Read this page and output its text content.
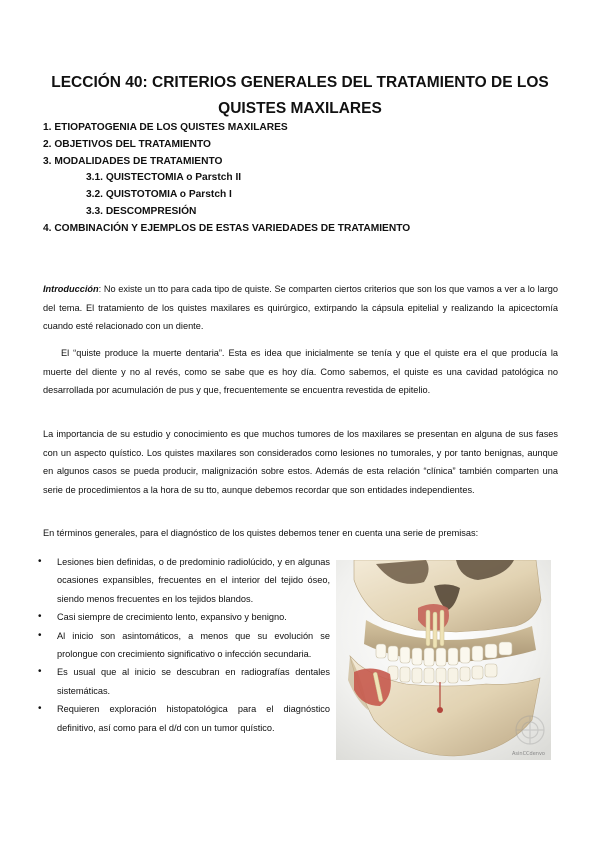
LECCIÓN 40: CRITERIOS GENERALES DEL TRATAMIENTO DE LOS
QUISTES MAXILARES
1. ETIOPATOGENIA DE LOS QUISTES MAXILARES
2. OBJETIVOS DEL TRATAMIENTO
3. MODALIDADES DE TRATAMIENTO
3.1. QUISTECTOMIA o Parstch II
3.2. QUISTOTOMIA o Parstch I
3.3. DESCOMPRESIÓN
4. COMBINACIÓN Y EJEMPLOS DE ESTAS VARIEDADES DE TRATAMIENTO

Introducción: No existe un tto para cada tipo de quiste. Se comparten ciertos criterios que son los que vamos a ver a lo largo del tema. El tratamiento de los quistes maxilares es quirúrgico, extirpando la cápsula epitelial y realizando la apicectomía cuando esté relacionado con un diente.

El “quiste produce la muerte dentaria”. Esta es idea que inicialmente se tenía y que el quiste era el que producía la muerte del diente y no al revés, como se sabe que es hoy día. Como sabemos, el quiste es una cavidad patológica no desarrollada por acumulación de pus y que, frecuentemente se encuentra revestida de epitelio.

La importancia de su estudio y conocimiento es que muchos tumores de los maxilares se presentan en alguna de sus fases con un aspecto quístico. Los quistes maxilares son considerados como lesiones no tumorales, y por tanto benignas, aunque en algunos casos se pueda producir, malignización sobre estos. Además de esta relación “clínica” también comparten una serie de procedimientos a la hora de su tto, aunque debemos recordar que son entidades independientes.

En términos generales, para el diagnóstico de los quistes debemos tener en cuenta una serie de premisas:

• Lesiones bien definidas, o de predominio radiolúcido, y en algunas ocasiones expansibles, frecuentes en el interior del tejido óseo, siendo menos frecuentes en los tejidos blandos.
• Casi siempre de crecimiento lento, expansivo y benigno.
• Al inicio son asintomáticos, a menos que su evolución se prolongue con crecimiento significativo o infección secundaria.
• Es usual que al inicio se descubran en radiografías dentales sistemáticas.
• Requieren exploración histopatológica para el diagnóstico definitivo, así como para el d/d con un tumor quístico.
AsinCCdenvo
